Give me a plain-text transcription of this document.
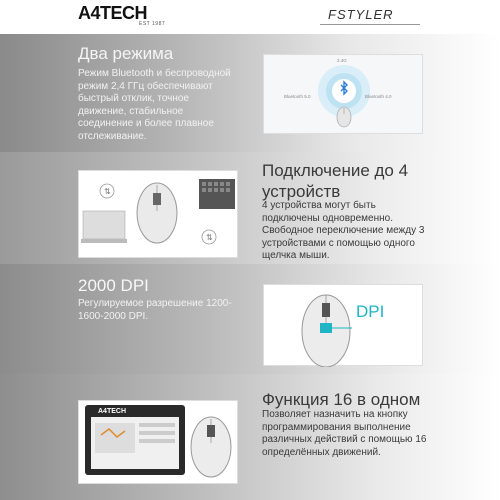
A4TECH
EST 1987
FSTYLER
Два режима
Режим Bluetooth и беспроводной режим 2,4 ГГц обеспечивают быстрый отклик, точное движение, стабильное соединение и более плавное отслеживание.
2.4G
Bluetooth 5.0	Bluetooth 4.0
⇅
⇅
Подключение до 4 устройств
4 устройства могут быть подключены одновременно. Свободное переключение между 3 устройствами с помощью одного щелчка мыши.
2000 DPI
Регулируемое разрешение 1200-1600-2000 DPI.	DPI
Функция 16 в одном
Позволяет назначить на кнопку программирования выполнение различных действий с помощью 16 определённых движений.
A4TECH
